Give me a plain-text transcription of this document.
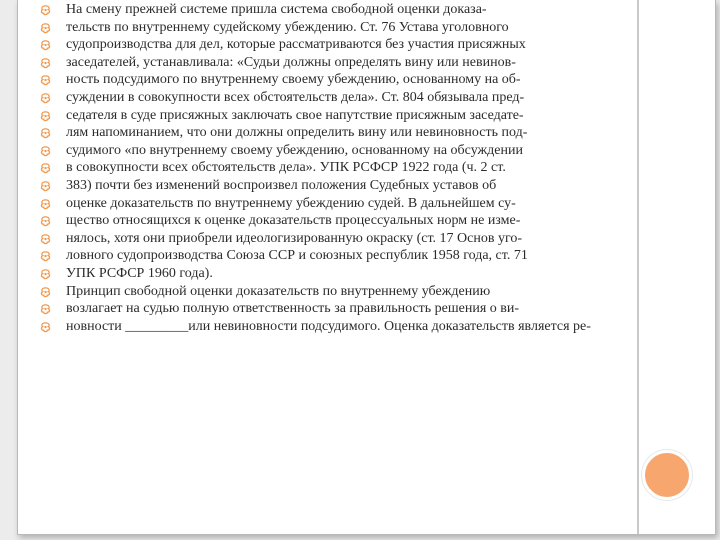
На смену прежней системе пришла система свободной оценки доказа-
тельств по внутреннему судейскому убеждению. Ст. 76 Устава уголовного
судопроизводства для дел, которые рассматриваются без участия присяжных
заседателей, устанавливала: «Судьи должны определять вину или невинов-
ность подсудимого по внутреннему своему убеждению, основанному на об-
суждении в совокупности всех обстоятельств дела». Ст. 804 обязывала пред-
седателя в суде присяжных заключать свое напутствие присяжным заседате-
лям напоминанием, что они должны определить вину или невиновность под-
судимого «по внутреннему своему убеждению, основанному на обсуждении
в совокупности всех обстоятельств дела». УПК РСФСР 1922 года (ч. 2 ст.
383) почти без изменений воспроизвел положения Судебных уставов об
оценке доказательств по внутреннему убеждению судей. В дальнейшем су-
щество относящихся к оценке доказательств процессуальных норм не изме-
нялось, хотя они приобрели идеологизированную окраску (ст. 17 Основ уго-
ловного судопроизводства Союза ССР и союзных республик 1958 года, ст. 71
УПК РСФСР 1960 года).
Принцип свободной оценки доказательств по внутреннему убеждению
возлагает на судью полную ответственность за правильность решения о ви-
новности _________или невиновности подсудимого. Оценка доказательств является ре-
